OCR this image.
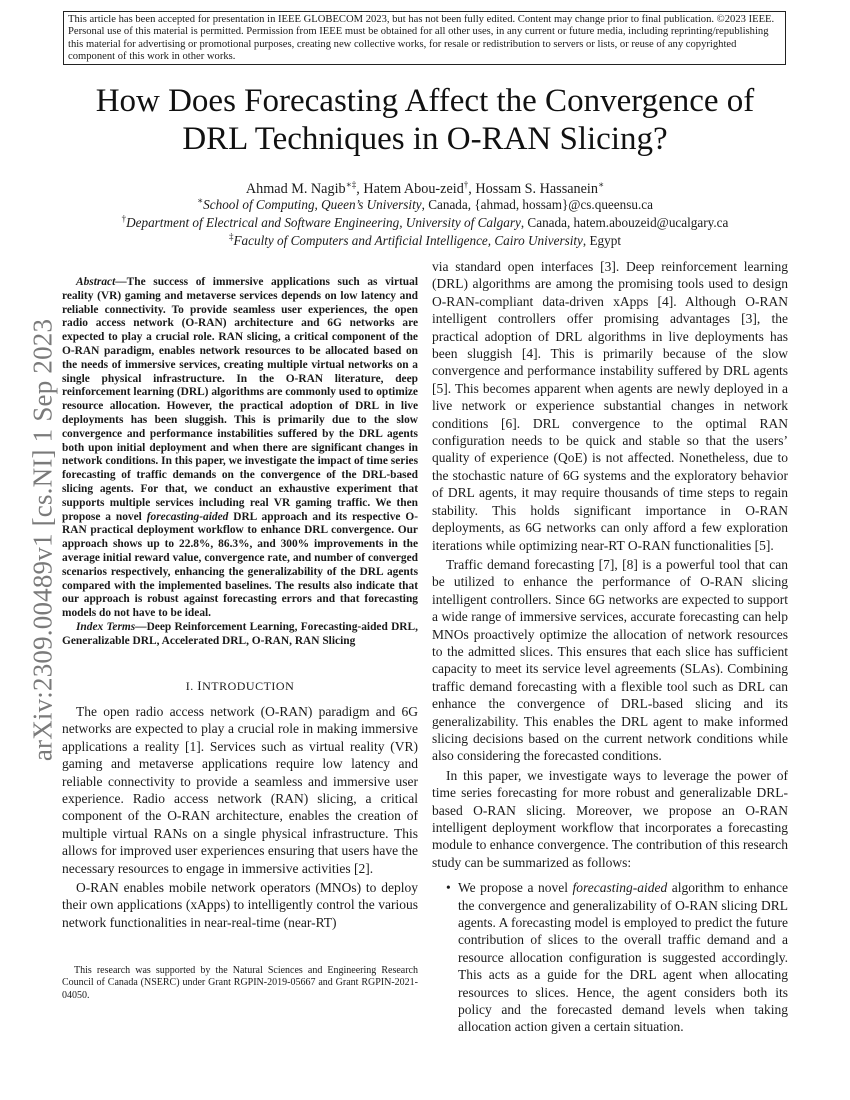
This article has been accepted for presentation in IEEE GLOBECOM 2023, but has not been fully edited. Content may change prior to final publication. ©2023 IEEE. Personal use of this material is permitted. Permission from IEEE must be obtained for all other uses, in any current or future media, including reprinting/republishing this material for advertising or promotional purposes, creating new collective works, for resale or redistribution to servers or lists, or reuse of any copyrighted component of this work in other works.
arXiv:2309.00489v1 [cs.NI] 1 Sep 2023
How Does Forecasting Affect the Convergence of DRL Techniques in O-RAN Slicing?
Ahmad M. Nagib∗‡, Hatem Abou-zeid†, Hossam S. Hassanein∗
∗School of Computing, Queen’s University, Canada, {ahmad, hossam}@cs.queensu.ca
†Department of Electrical and Software Engineering, University of Calgary, Canada, hatem.abouzeid@ucalgary.ca
‡Faculty of Computers and Artificial Intelligence, Cairo University, Egypt

Abstract—The success of immersive applications such as virtual reality (VR) gaming and metaverse services depends on low latency and reliable connectivity. To provide seamless user experiences, the open radio access network (O-RAN) architecture and 6G networks are expected to play a crucial role. RAN slicing, a critical component of the O-RAN paradigm, enables network resources to be allocated based on the needs of immersive services, creating multiple virtual networks on a single physical infrastructure. In the O-RAN literature, deep reinforcement learning (DRL) algorithms are commonly used to optimize resource allocation. However, the practical adoption of DRL in live deployments has been sluggish. This is primarily due to the slow convergence and performance instabilities suffered by the DRL agents both upon initial deployment and when there are significant changes in network conditions. In this paper, we investigate the impact of time series forecasting of traffic demands on the convergence of the DRL-based slicing agents. For that, we conduct an exhaustive experiment that supports multiple services including real VR gaming traffic. We then propose a novel forecasting-aided DRL approach and its respective O-RAN practical deployment workflow to enhance DRL convergence. Our approach shows up to 22.8%, 86.3%, and 300% improvements in the average initial reward value, convergence rate, and number of converged scenarios respectively, enhancing the generalizability of the DRL agents compared with the implemented baselines. The results also indicate that our approach is robust against forecasting errors and that forecasting models do not have to be ideal.

Index Terms—Deep Reinforcement Learning, Forecasting-aided DRL, Generalizable DRL, Accelerated DRL, O-RAN, RAN Slicing

I. INTRODUCTION

The open radio access network (O-RAN) paradigm and 6G networks are expected to play a crucial role in making immersive applications a reality [1]. Services such as virtual reality (VR) gaming and metaverse applications require low latency and reliable connectivity to provide a seamless and immersive user experience. Radio access network (RAN) slicing, a critical component of the O-RAN architecture, enables the creation of multiple virtual RANs on a single physical infrastructure. This allows for improved user experiences ensuring that users have the necessary resources to engage in immersive activities [2].

O-RAN enables mobile network operators (MNOs) to deploy their own applications (xApps) to intelligently control the various network functionalities in near-real-time (near-RT)

This research was supported by the Natural Sciences and Engineering Research Council of Canada (NSERC) under Grant RGPIN-2019-05667 and Grant RGPIN-2021-04050.

via standard open interfaces [3]. Deep reinforcement learning (DRL) algorithms are among the promising tools used to design O-RAN-compliant data-driven xApps [4]. Although O-RAN intelligent controllers offer promising advantages [3], the practical adoption of DRL algorithms in live deployments has been sluggish [4]. This is primarily because of the slow convergence and performance instability suffered by DRL agents [5]. This becomes apparent when agents are newly deployed in a live network or experience substantial changes in network conditions [6]. DRL convergence to the optimal RAN configuration needs to be quick and stable so that the users’ quality of experience (QoE) is not affected. Nonetheless, due to the stochastic nature of 6G systems and the exploratory behavior of DRL agents, it may require thousands of time steps to regain stability. This holds significant importance in O-RAN deployments, as 6G networks can only afford a few exploration iterations while optimizing near-RT O-RAN functionalities [5].

Traffic demand forecasting [7], [8] is a powerful tool that can be utilized to enhance the performance of O-RAN slicing intelligent controllers. Since 6G networks are expected to support a wide range of immersive services, accurate forecasting can help MNOs proactively optimize the allocation of network resources to the admitted slices. This ensures that each slice has sufficient capacity to meet its service level agreements (SLAs). Combining traffic demand forecasting with a flexible tool such as DRL can enhance the convergence of DRL-based slicing and its generalizability. This enables the DRL agent to make informed slicing decisions based on the current network conditions while also considering the forecasted conditions.

In this paper, we investigate ways to leverage the power of time series forecasting for more robust and generalizable DRL-based O-RAN slicing. Moreover, we propose an O-RAN intelligent deployment workflow that incorporates a forecasting module to enhance convergence. The contribution of this research study can be summarized as follows:

• We propose a novel forecasting-aided algorithm to enhance the convergence and generalizability of O-RAN slicing DRL agents. A forecasting model is employed to predict the future contribution of slices to the overall traffic demand and a resource allocation configuration is suggested accordingly. This acts as a guide for the DRL agent when allocating resources to slices. Hence, the agent considers both its policy and the forecasted demand levels when taking allocation action given a certain situation.
